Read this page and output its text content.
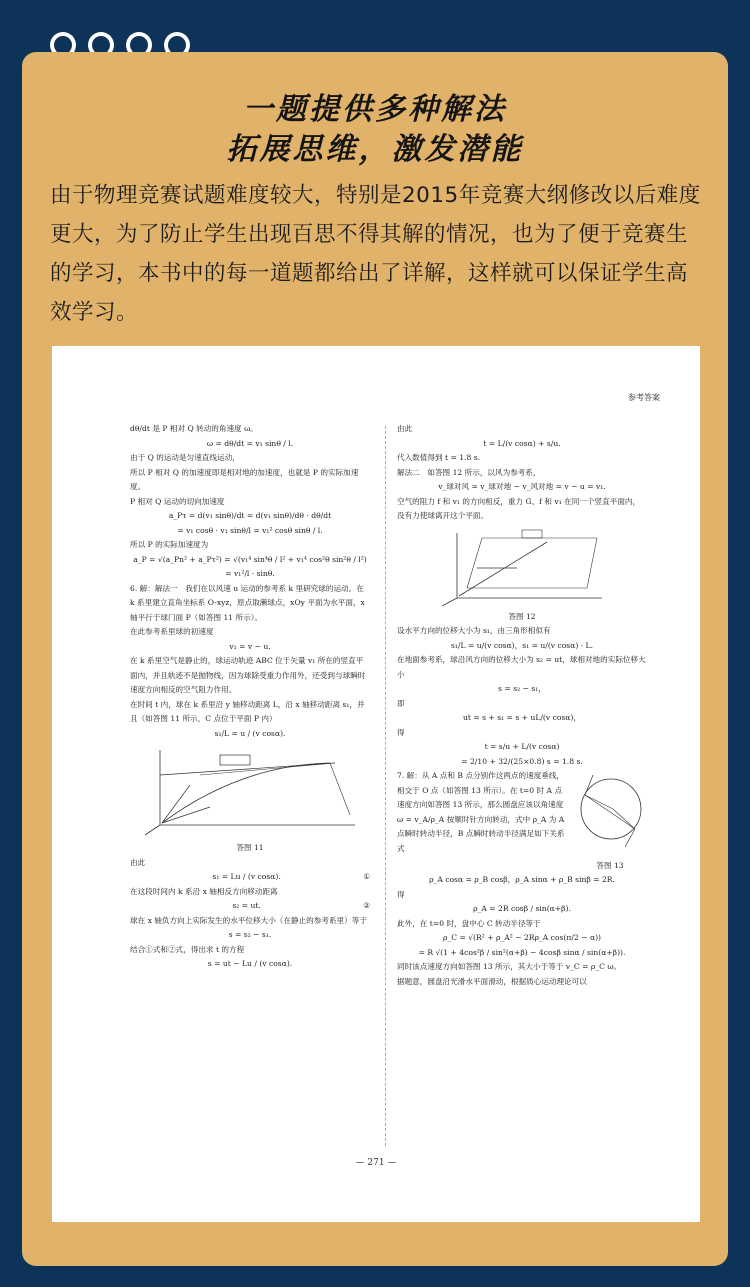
一题提供多种解法
拓展思维，激发潜能
由于物理竞赛试题难度较大，特别是2015年竞赛大纲修改以后难度更大，为了防止学生出现百思不得其解的情况，也为了便于竞赛生的学习，本书中的每一道题都给出了详解，这样就可以保证学生高效学习。
参考答案

dθ/dt 是 P 相对 Q 转动的角速度 ω。

ω = dθ/dt = v₁ sinθ / l.

由于 Q 的运动是匀速直线运动，

所以 P 相对 Q 的加速度即是相对地的加速度，也就是 P 的实际加速度。

P 相对 Q 运动的切向加速度

a_Pτ = d(v₁ sinθ)/dt = d(v₁ sinθ)/dθ · dθ/dt

= v₁ cosθ · v₁ sinθ/l = v₁² cosθ sinθ / l.

所以 P 的实际加速度为

a_P = √(a_Pn² + a_Pτ²) = √(v₁⁴ sin⁴θ / l² + v₁⁴ cos²θ sin²θ / l²)

= v₁²/l · sinθ.

6. 解：解法一　我们在以风速 u 运动的参考系 k 里研究球的运动。在 k 系里建立直角坐标系 O-xyz，原点取濑球点，xOy 平面为水平面，x 轴平行于球门面 P（如答图 11 所示）。

在此参考系里球的初速度

v₁ = v − u.

在 k 系里空气是静止的，球运动轨迹 ABC 位于矢量 v₁ 所在的竖直平面内，并且轨迹不是抛物线，因为球除受重力作用外，还受到与球瞬时速度方向相反的空气阻力作用。

在时间 t 内，球在 k 系里沿 y 轴移动距离 L，沿 x 轴移动距离 s₁，并且（如答图 11 所示，C 点位于平面 P 内）

s₁/L = u / (v cosα).

答图 11

由此

s₁ = Lu / (v cosα).	①

在这段时间内 k 系沿 x 轴相反方向移动距离

s₂ = ut.	②

球在 x 轴负方向上实际发生的水平位移大小（在静止的参考系里）等于

s = s₂ − s₁.

结合①式和②式，得出求 t 的方程

s = ut − Lu / (v cosα).

由此

t = L/(v cosα) + s/u.

代入数值得到 t = 1.8 s.

解法二　如答图 12 所示，以风为参考系，

v_球对风 = v_球对地 − v_风对地 = v − u = v₁.

空气的阻力 f 和 v₁ 的方向相反，重力 G、f 和 v₁ 在同一个竖直平面内，没有力使球离开这个平面。

答图 12

设水平方向的位移大小为 s₁，由三角形相似有

s₁/L = u/(v cosα)，s₁ = u/(v cosα) · L.

在地面参考系，球沿风方向的位移大小为 s₂ = ut，球相对地的实际位移大小

s = s₂ − s₁，

即

ut = s + s₁ = s + uL/(v cosα)，

得

t = s/u + L/(v cosα)

= 2/10 + 32/(25×0.8) s = 1.8 s.

7. 解：从 A 点和 B 点分别作这两点的速度垂线，相交于 O 点（如答图 13 所示）。在 t=0 时 A 点速度方向如答图 13 所示，那么圆盘应该以角速度 ω = v_A/ρ_A 按顺时针方向转动，式中 ρ_A 为 A 点瞬时转动半径，B 点瞬时转动半径满足如下关系式

答图 13

ρ_A cosα = ρ_B cosβ，ρ_A sinα + ρ_B sinβ = 2R.

得

ρ_A = 2R cosβ / sin(α+β).

此外，在 t=0 时，盘中心 C 转动半径等于

ρ_C = √(R² + ρ_A² − 2Rρ_A cos(π/2 − α))

= R √(1 + 4cos²β / sin²(α+β) − 4cosβ sinα / sin(α+β)).

同时该点速度方向如答图 13 所示，其大小于等于 v_C = ρ_C ω。

据题意，圆盘沿光滑水平面滑动，根据质心运动理论可以

— 271 —
